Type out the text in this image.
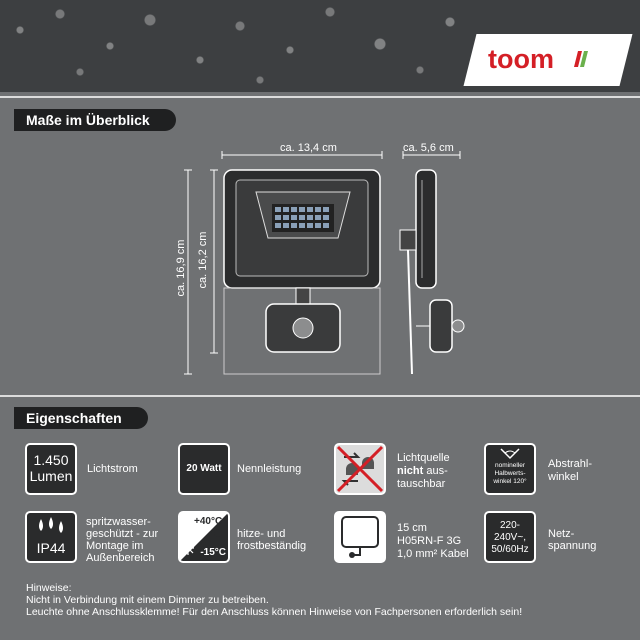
toom
Maße im Überblick
ca. 13,4 cm	ca. 5,6 cm
ca. 16,9 cm ca. 16,2 cm
Eigenschaften
1.450
Lumen Lichtstrom	20 Watt	Nennleistung
Lichtquelle
nicht aus-
tauschbar
nomineller
Halbwerts-
winkel 120°
Abstrahl-
winkel
IP44
spritzwasser-
geschützt - zur
Montage im
Außenbereich
+40°C
-15°C
hitze- und
frostbeständig
15 cm
H05RN-F 3G
1,0 mm² Kabel
220-
240V~,
50/60Hz
Netz-
spannung
Hinweise:
Nicht in Verbindung mit einem Dimmer zu betreiben.
Leuchte ohne Anschlussklemme! Für den Anschluss können Hinweise von Fachpersonen erforderlich sein!
